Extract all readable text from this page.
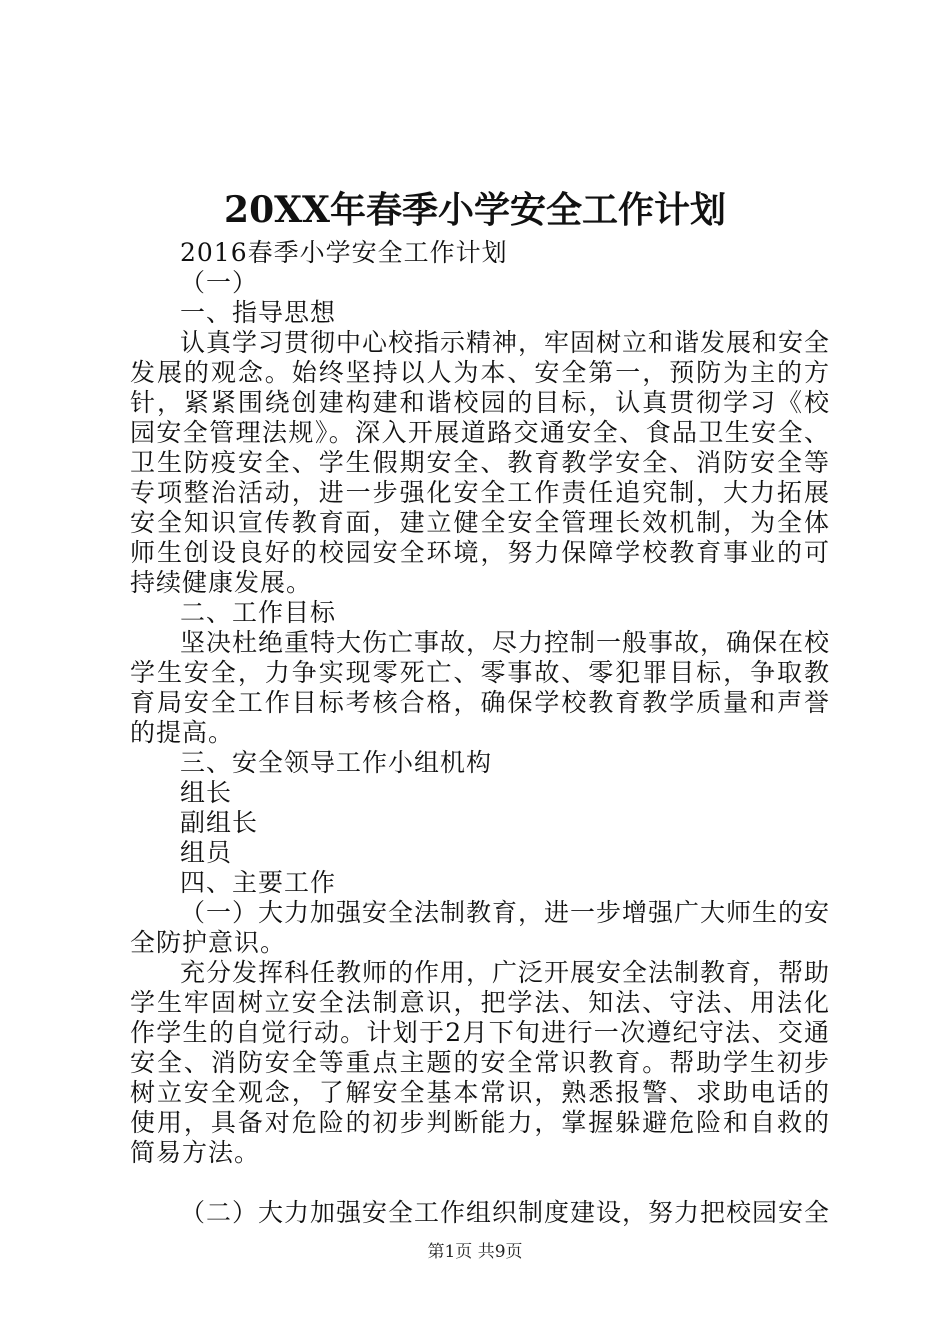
20XX年春季小学安全工作计划

2016春季小学安全工作计划

（一）

一、指导思想

认真学习贯彻中心校指示精神，牢固树立和谐发展和安全发展的观念。始终坚持以人为本、安全第一，预防为主的方针，紧紧围绕创建构建和谐校园的目标，认真贯彻学习《校园安全管理法规》。深入开展道路交通安全、食品卫生安全、卫生防疫安全、学生假期安全、教育教学安全、消防安全等专项整治活动，进一步强化安全工作责任追究制，大力拓展安全知识宣传教育面，建立健全安全管理长效机制，为全体师生创设良好的校园安全环境，努力保障学校教育事业的可持续健康发展。

二、工作目标

坚决杜绝重特大伤亡事故，尽力控制一般事故，确保在校学生安全，力争实现零死亡、零事故、零犯罪目标，争取教育局安全工作目标考核合格，确保学校教育教学质量和声誉的提高。

三、安全领导工作小组机构

组长

副组长

组员

四、主要工作

（一）大力加强安全法制教育，进一步增强广大师生的安全防护意识。

充分发挥科任教师的作用，广泛开展安全法制教育，帮助学生牢固树立安全法制意识，把学法、知法、守法、用法化作学生的自觉行动。计划于2月下旬进行一次遵纪守法、交通安全、消防安全等重点主题的安全常识教育。帮助学生初步树立安全观念，了解安全基本常识，熟悉报警、求助电话的使用，具备对危险的初步判断能力，掌握躲避危险和自救的简易方法。

（二）大力加强安全工作组织制度建设，努力把校园安全

第1页 共9页
